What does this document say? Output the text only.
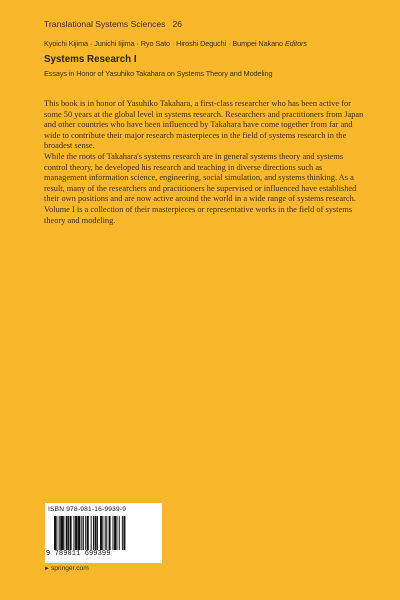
Translational Systems Sciences 26
Kyoichi Kijima · Junichi Iijima · Ryo Sato · Hiroshi Deguchi · Bumpei Nakano Editors
Systems Research I
Essays in Honor of Yasuhiko Takahara on Systems Theory and Modeling

This book is in honor of Yasuhiko Takahara, a first-class researcher who has been active for some 50 years at the global level in systems research. Researchers and practitioners from Japan and other countries who have been influenced by Takahara have come together from far and wide to contribute their major research masterpieces in the field of systems research in the broadest sense.

While the roots of Takahara's systems research are in general systems theory and systems control theory, he developed his research and teaching in diverse directions such as management information science, engineering, social simulation, and systems thinking. As a result, many of the researchers and practitioners he supervised or influenced have established their own positions and are now active around the world in a wide range of systems research.

Volume I is a collection of their masterpieces or representative works in the field of systems theory and modeling.

ISBN 978-981-16-9939-9
9 789811 699399
►springer.com
